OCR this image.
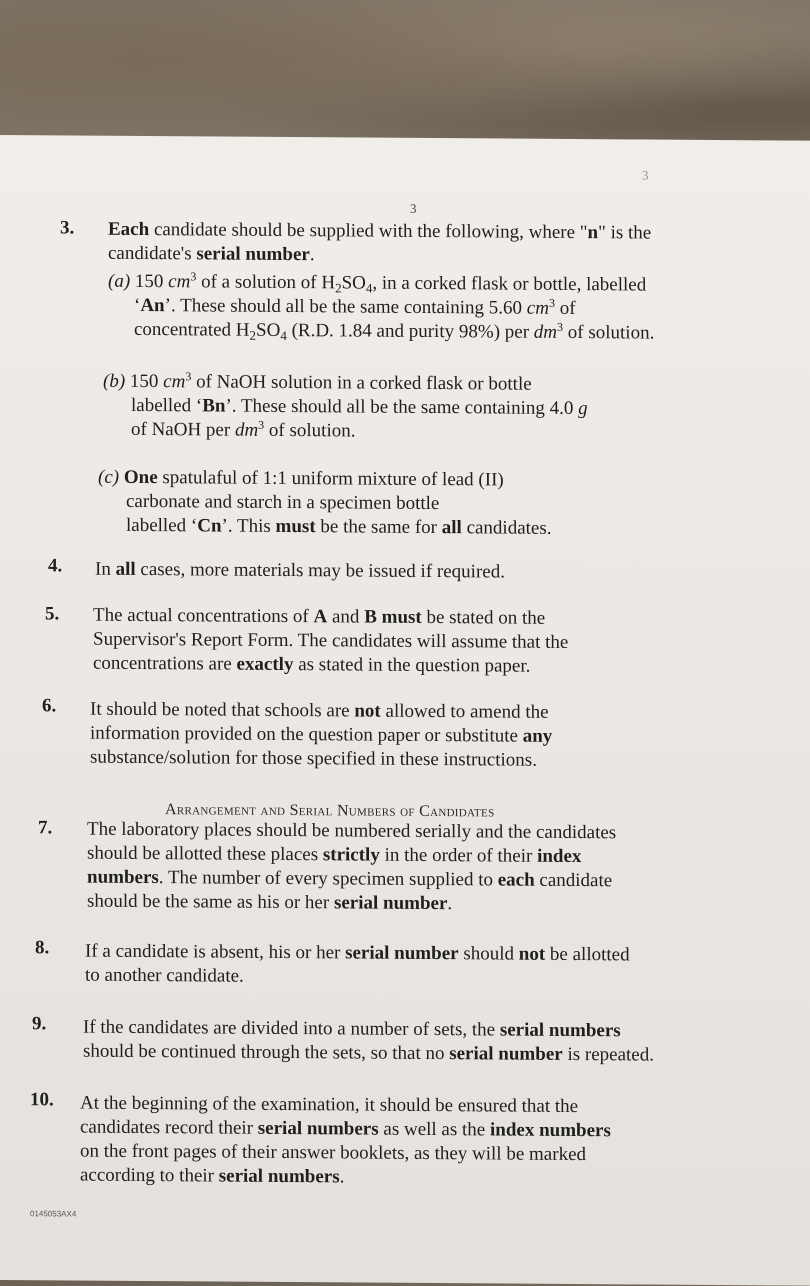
3
3
3. Each candidate should be supplied with the following, where "n" is the
candidate's serial number.
(a) 150 $cm^3$ of a solution of $H_2SO_4$, in a corked flask or bottle, labelled
‘An’. These should all be the same containing 5.60 $cm^3$ of
concentrated $H_2SO_4$ (R.D. 1.84 and purity 98%) per $dm^3$ of solution.
(b) 150 $cm^3$ of NaOH solution in a corked flask or bottle
labelled ‘Bn’. These should all be the same containing 4.0 g
of NaOH per $dm^3$ of solution.
(c) One spatulaful of 1:1 uniform mixture of lead (II)
carbonate and starch in a specimen bottle
labelled ‘Cn’. This must be the same for all candidates.
4. In all cases, more materials may be issued if required.
5. The actual concentrations of A and B must be stated on the
Supervisor's Report Form. The candidates will assume that the
concentrations are exactly as stated in the question paper.
6. It should be noted that schools are not allowed to amend the
information provided on the question paper or substitute any
substance/solution for those specified in these instructions.
Arrangement and Serial Numbers of Candidates
7. The laboratory places should be numbered serially and the candidates
should be allotted these places strictly in the order of their index
numbers. The number of every specimen supplied to each candidate
should be the same as his or her serial number.
8. If a candidate is absent, his or her serial number should not be allotted
to another candidate.
9. If the candidates are divided into a number of sets, the serial numbers
should be continued through the sets, so that no serial number is repeated.
10. At the beginning of the examination, it should be ensured that the
candidates record their serial numbers as well as the index numbers
on the front pages of their answer booklets, as they will be marked
according to their serial numbers.
0145053AX4
